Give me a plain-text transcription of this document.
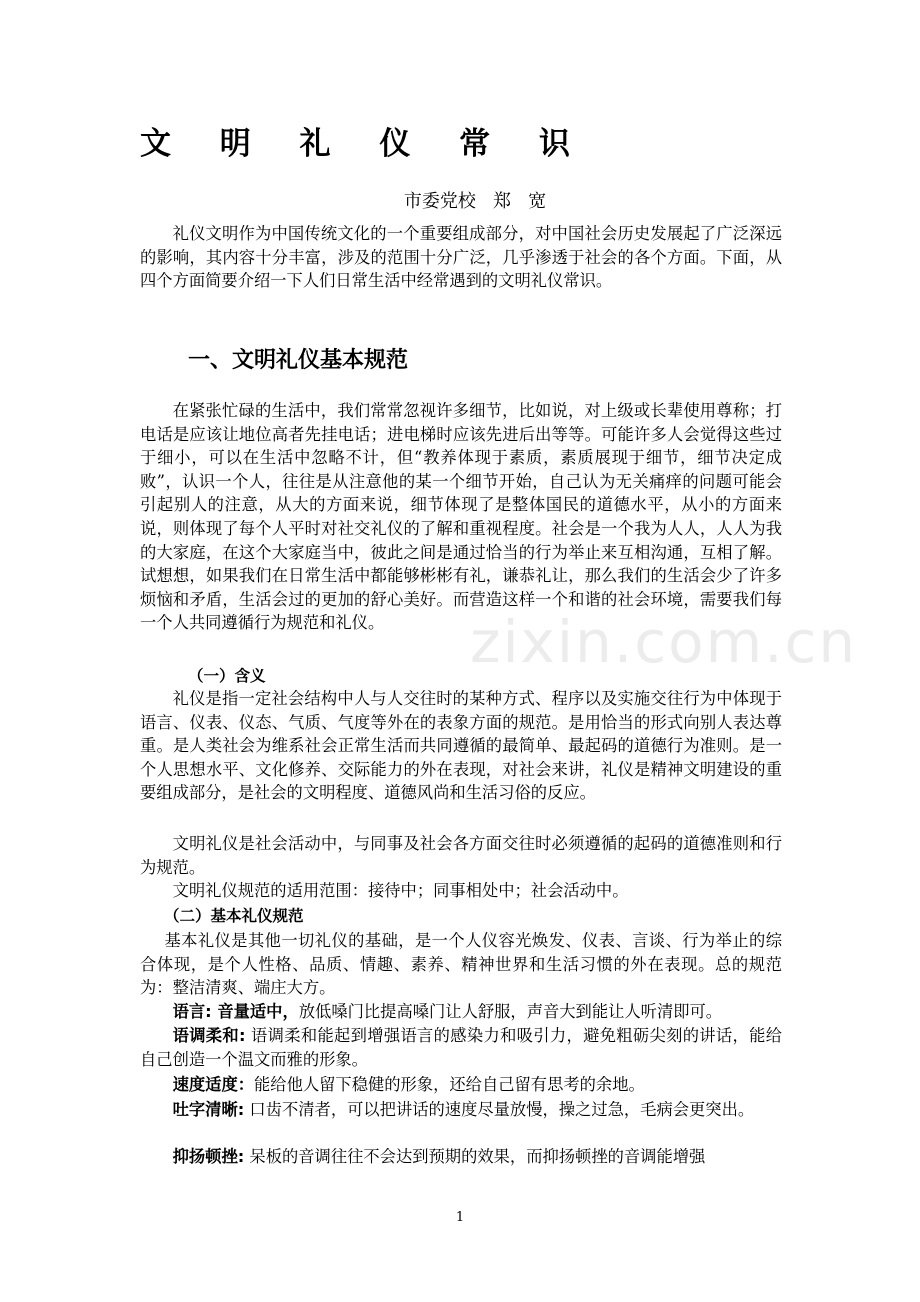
文 明 礼 仪 常 识
市委党校   郑   宽

礼仪文明作为中国传统文化的一个重要组成部分，对中国社会历史发展起了广泛深远的影响，其内容十分丰富，涉及的范围十分广泛，几乎渗透于社会的各个方面。下面，从四个方面简要介绍一下人们日常生活中经常遇到的文明礼仪常识。

一、文明礼仪基本规范

在紧张忙碌的生活中，我们常常忽视许多细节，比如说，对上级或长辈使用尊称；打电话是应该让地位高者先挂电话；进电梯时应该先进后出等等。可能许多人会觉得这些过于细小，可以在生活中忽略不计，但“教养体现于素质，素质展现于细节，细节决定成败”，认识一个人，往往是从注意他的某一个细节开始，自己认为无关痛痒的问题可能会引起别人的注意，从大的方面来说，细节体现了是整体国民的道德水平，从小的方面来说，则体现了每个人平时对社交礼仪的了解和重视程度。社会是一个我为人人，人人为我的大家庭，在这个大家庭当中，彼此之间是通过恰当的行为举止来互相沟通，互相了解。试想想，如果我们在日常生活中都能够彬彬有礼，谦恭礼让，那么我们的生活会少了许多烦恼和矛盾，生活会过的更加的舒心美好。而营造这样一个和谐的社会环境，需要我们每一个人共同遵循行为规范和礼仪。

（一）含义

礼仪是指一定社会结构中人与人交往时的某种方式、程序以及实施交往行为中体现于语言、仪表、仪态、气质、气度等外在的表象方面的规范。是用恰当的形式向别人表达尊重。是人类社会为维系社会正常生活而共同遵循的最简单、最起码的道德行为准则。是一个人思想水平、文化修养、交际能力的外在表现，对社会来讲，礼仪是精神文明建设的重要组成部分，是社会的文明程度、道德风尚和生活习俗的反应。

文明礼仪是社会活动中，与同事及社会各方面交往时必须遵循的起码的道德准则和行为规范。

文明礼仪规范的适用范围：接待中；同事相处中；社会活动中。

（二）基本礼仪规范

基本礼仪是其他一切礼仪的基础，是一个人仪容光焕发、仪表、言谈、行为举止的综合体现，是个人性格、品质、情趣、素养、精神世界和生活习惯的外在表现。总的规范为：整洁清爽、端庄大方。

语言: 音量适中，放低嗓门比提高嗓门让人舒服，声音大到能让人听清即可。

语调柔和: 语调柔和能起到增强语言的感染力和吸引力，避免粗砺尖刻的讲话，能给自己创造一个温文而雅的形象。

速度适度：能给他人留下稳健的形象，还给自己留有思考的余地。

吐字清晰: 口齿不清者，可以把讲话的速度尽量放慢，操之过急，毛病会更突出。

抑扬顿挫: 呆板的音调往往不会达到预期的效果，而抑扬顿挫的音调能增强

zixin.com.cn
1
